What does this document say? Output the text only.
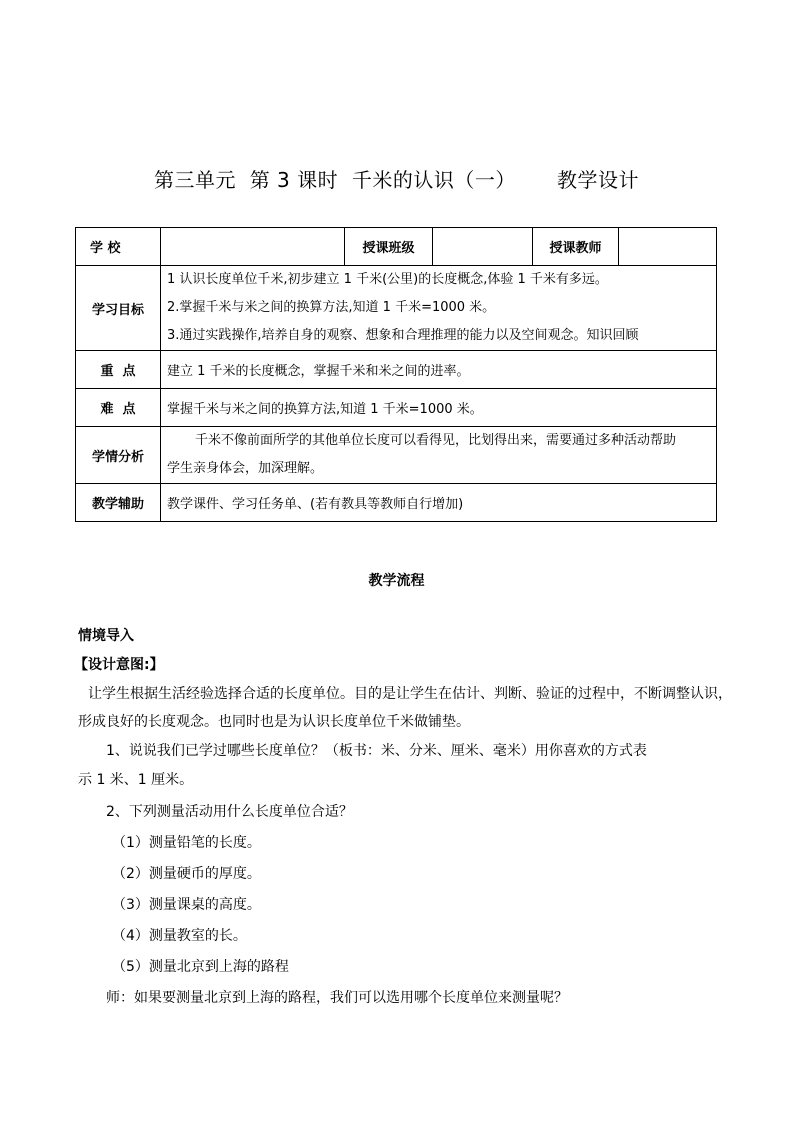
第三单元  第 3 课时  千米的认识（一）      教学设计
学 校		授课班级		授课教师	
学习目标	1 认识长度单位千米,初步建立 1 千米(公里)的长度概念,体验 1 千米有多远。
2.掌握千米与米之间的换算方法,知道 1 千米=1000 米。
3.通过实践操作,培养自身的观察、想象和合理推理的能力以及空间观念。知识回顾				

重  点	建立 1 千米的长度概念，掌握千米和米之间的进率。				
难  点	掌握千米与米之间的换算方法,知道 1 千米=1000 米。				
学情分析	千米不像前面所学的其他单位长度可以看得见，比划得出来，需要通过多种活动帮助
学生亲身体会，加深理解。				

教学辅助	教学课件、学习任务单、(若有教具等教师自行增加)				
教学流程
情境导入
【设计意图:】
让学生根据生活经验选择合适的长度单位。目的是让学生在估计、判断、验证的过程中，不断调整认识，
形成良好的长度观念。也同时也是为认识长度单位千米做铺垫。
1、说说我们已学过哪些长度单位？（板书：米、分米、厘米、毫米）用你喜欢的方式表
示 1 米、1 厘米。
2、下列测量活动用什么长度单位合适？
（1）测量铅笔的长度。
（2）测量硬币的厚度。
（3）测量课桌的高度。
（4）测量教室的长。
（5）测量北京到上海的路程
师：如果要测量北京到上海的路程，我们可以选用哪个长度单位来测量呢？
